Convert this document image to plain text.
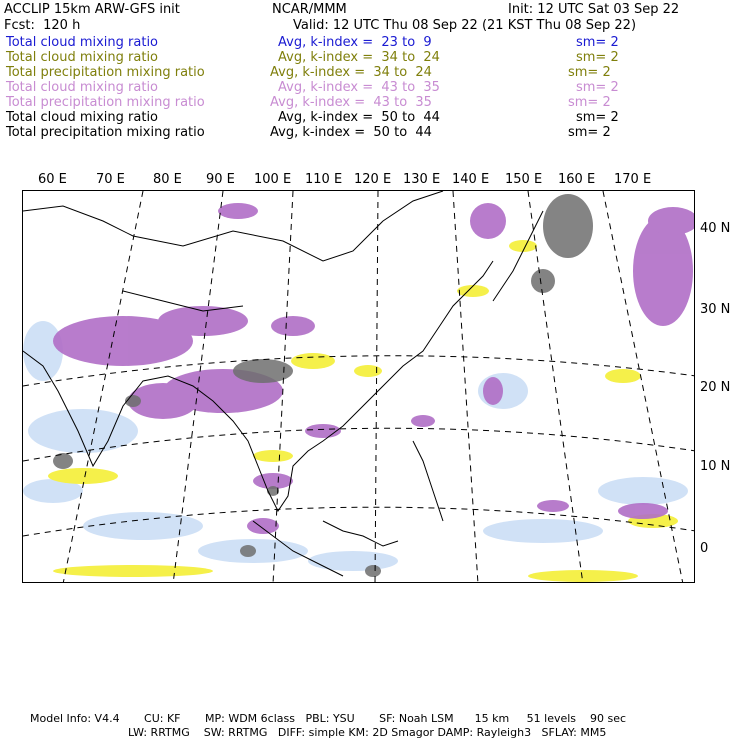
ACCLIP 15km ARW-GFS init	NCAR/MMM	Init: 12 UTC Sat 03 Sep 22
Fcst:  120 h	Valid: 12 UTC Thu 08 Sep 22 (21 KST Thu 08 Sep 22)
Total cloud mixing ratio	Avg, k-index =  23 to  9	sm= 2
Total cloud mixing ratio	Avg, k-index =  34 to  24	sm= 2
Total precipitation mixing ratio	Avg, k-index =  34 to  24	sm= 2
Total cloud mixing ratio	Avg, k-index =  43 to  35	sm= 2
Total precipitation mixing ratio	Avg, k-index =  43 to  35	sm= 2
Total cloud mixing ratio	Avg, k-index =  50 to  44	sm= 2
Total precipitation mixing ratio	Avg, k-index =  50 to  44	sm= 2
60 E 70 E 80 E 90 E 100 E 110 E 120 E 130 E 140 E 150 E 160 E 170 E
40 N
30 N
20 N
10 N
0
Model Info: V4.4       CU: KF       MP: WDM 6class   PBL: YSU       SF: Noah LSM      15 km     51 levels    90 sec
LW: RRTMG    SW: RRTMG   DIFF: simple KM: 2D Smagor DAMP: Rayleigh3   SFLAY: MM5
